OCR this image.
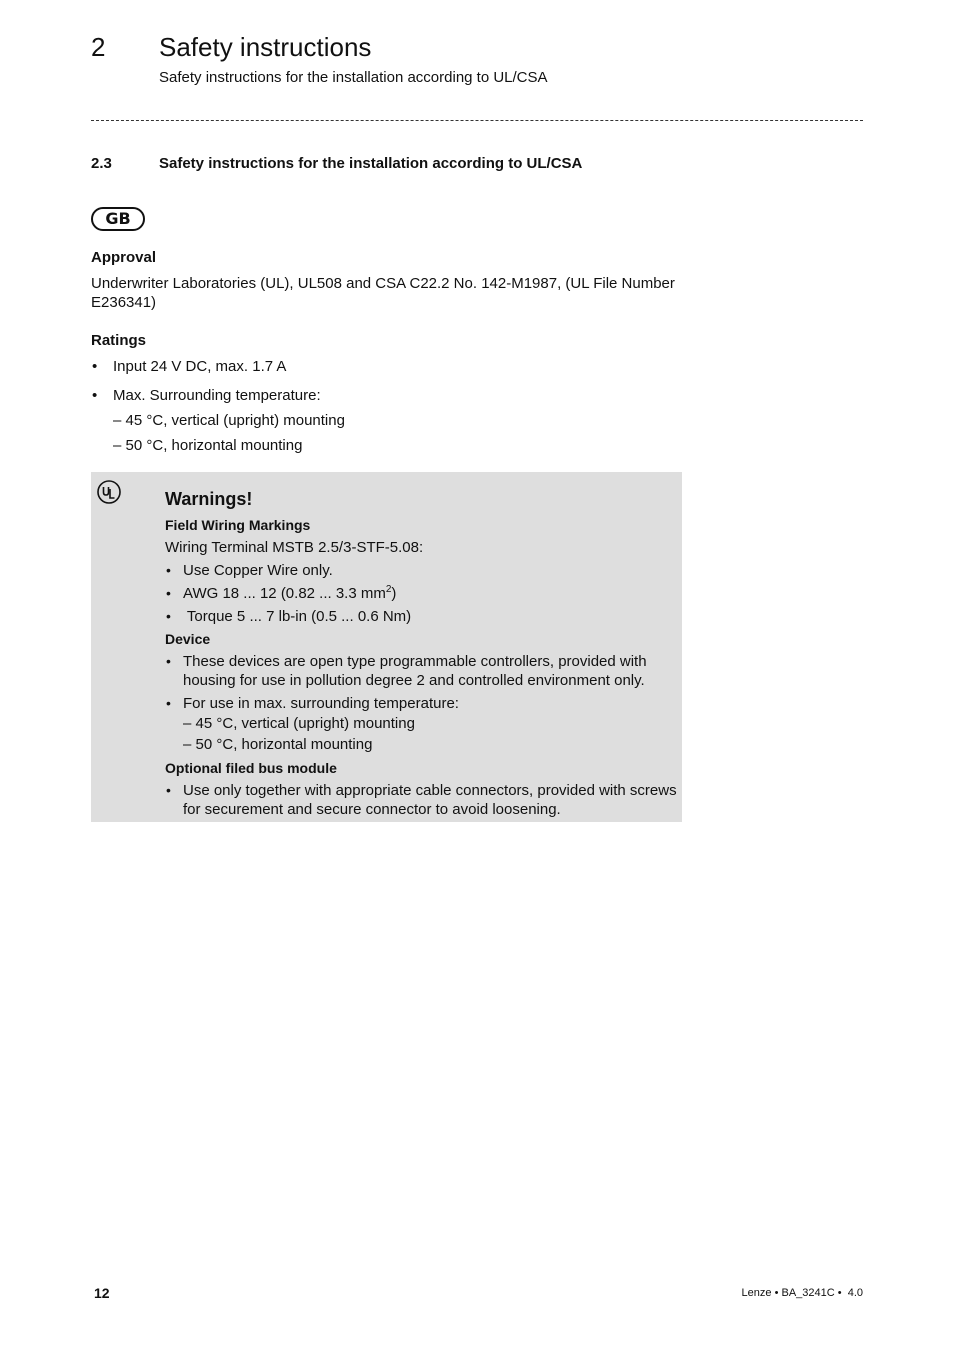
2 Safety instructions
Safety instructions for the installation according to UL/CSA
2.3	Safety instructions for the installation according to UL/CSA
GB
Approval
Underwriter Laboratories (UL), UL508 and CSA C22.2 No. 142-M1987, (UL File Number E236341)
Ratings
• Input 24 V DC, max. 1.7 A
• Max. Surrounding temperature:
– 45 °C, vertical (upright) mounting
– 50 °C, horizontal mounting
Warnings!
Field Wiring Markings
Wiring Terminal MSTB 2.5/3-STF-5.08:
• Use Copper Wire only.
• AWG 18 ... 12 (0.82 ... 3.3 $mm^2$)
• Torque 5 ... 7 lb-in (0.5 ... 0.6 Nm)
Device
• These devices are open type programmable controllers, provided with housing for use in pollution degree 2 and controlled environment only.
• For use in max. surrounding temperature:
– 45 °C, vertical (upright) mounting
– 50 °C, horizontal mounting
Optional filed bus module
• Use only together with appropriate cable connectors, provided with screws for securement and secure connector to avoid loosening.
12	Lenze • BA_3241C •  4.0
